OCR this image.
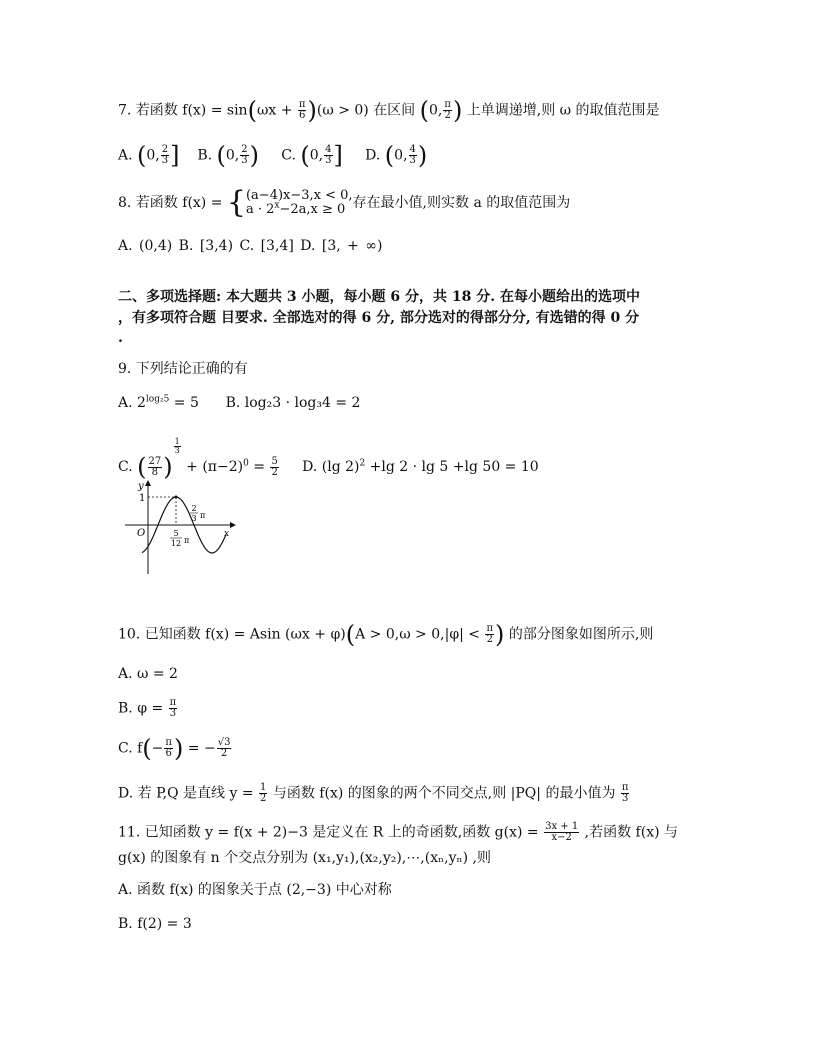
7. 若函数 $f(x) = \sin(\omega x + \frac{\pi}{6} )(\omega > 0)$ 在区间 (0, $\frac{\pi}{2}$ ) 上单调递增,则 ω 的取值范围是
A. (0, $\frac{2}{3}$ ] B. (0, $\frac{2}{3}$ ) C. (0, $\frac{4}{3}$ ] D. (0, $\frac{4}{3}$ )
8. 若函数 f(x) = { (a−4)x−3,x < 0,
$a \cdot 2^x-2a,x \ge 0$ 存在最小值,则实数 a 的取值范围为
A. (0,4) B. [3,4) C. [3,4] D. [3, + ∞)
二、多项选择题: 本大题共 3 小题，每小题 6 分，共 18 分. 在每小题给出的选项中
，有多项符合题 目要求. 全部选对的得 6 分, 部分选对的得部分分, 有选错的得 0 分
.
9. 下列结论正确的有
A. $2^{log_25} = 5$ B. log₂3 · log₃4 = 2
C. ( $\frac{27}{8}$ )
$\frac{1}{3}$
+ $(\pi-2)^0 = \frac{5}{2} D$. (lg 2)$^2$ +lg 2 · lg 5 +lg 50 = 10
y
x
O
1
2
3 π
5
12 π
10. 已知函数 f(x) = Asin $(\omega x + \varphi)(A > 0,\omega > 0,|\varphi| < \frac{\pi}{2}$ ) 的部分图象如图所示,则
A. ω = 2
B. $\varphi = \frac{\pi}{3}$
C. $f(- \frac{\pi}{6}$ ) = − $\frac{√3}{2}$
D. 若 P,Q 是直线 $y = \frac{1}{2}$ 与函数 f(x) 的图象的两个不同交点,则 |PQ| 的最小值为 $\frac{\pi}{3}$
11. 已知函数 y = f(x + 2)−3 是定义在 R 上的奇函数,函数 $g(x) = \frac{3x + 1}{x-2}$ ,若函数 f(x) 与
g(x) 的图象有 n 个交点分别为 (x₁,y₁),(x₂,y₂),⋯,(xₙ,yₙ) ,则
A. 函数 f(x) 的图象关于点 (2,−3) 中心对称
B. f(2) = 3
